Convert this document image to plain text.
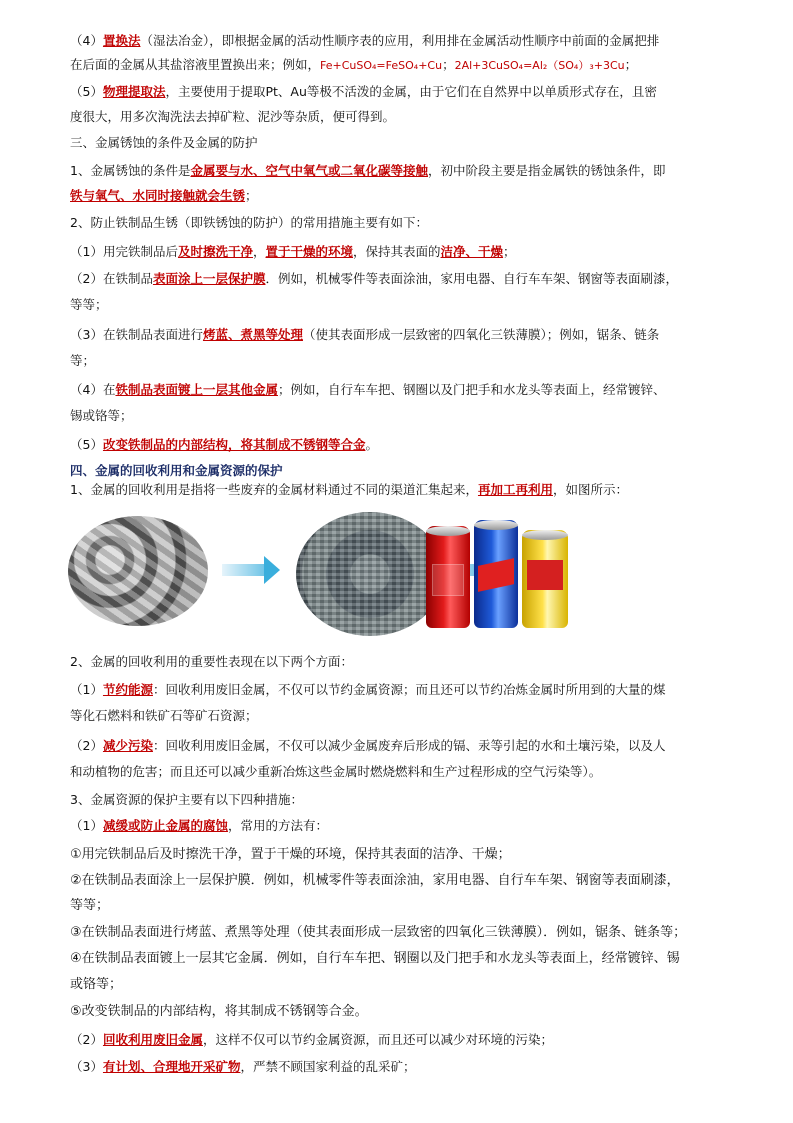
（4）置换法（湿法冶金），即根据金属的活动性顺序表的应用，利用排在金属活动性顺序中前面的金属把排
在后面的金属从其盐溶液里置换出来；例如，Fe+CuSO₄=FeSO₄+Cu；2Al+3CuSO₄=Al₂（SO₄）₃+3Cu；
（5）物理提取法，主要使用于提取Pt、Au等极不活泼的金属，由于它们在自然界中以单质形式存在，且密
度很大，用多次淘洗法去掉矿粒、泥沙等杂质，便可得到。
三、金属锈蚀的条件及金属的防护
1、金属锈蚀的条件是金属要与水、空气中氧气或二氧化碳等接触，初中阶段主要是指金属铁的锈蚀条件，即
铁与氧气、水同时接触就会生锈；
2、防止铁制品生锈（即铁锈蚀的防护）的常用措施主要有如下：
（1）用完铁制品后及时擦洗干净，置于干燥的环境，保持其表面的洁净、干燥；
（2）在铁制品表面涂上一层保护膜．例如，机械零件等表面涂油，家用电器、自行车车架、钢窗等表面刷漆，
等等；
（3）在铁制品表面进行烤蓝、煮黑等处理（使其表面形成一层致密的四氧化三铁薄膜）；例如，锯条、链条
等；
（4）在铁制品表面镀上一层其他金属；例如，自行车车把、钢圈以及门把手和水龙头等表面上，经常镀锌、
锡或铬等；
（5）改变铁制品的内部结构，将其制成不锈钢等合金。
四、金属的回收利用和金属资源的保护
1、金属的回收利用是指将一些废弃的金属材料通过不同的渠道汇集起来，再加工再利用，如图所示：
2、金属的回收利用的重要性表现在以下两个方面：
（1）节约能源：回收利用废旧金属，不仅可以节约金属资源；而且还可以节约冶炼金属时所用到的大量的煤
等化石燃料和铁矿石等矿石资源；
（2）减少污染：回收利用废旧金属，不仅可以减少金属废弃后形成的镉、汞等引起的水和土壤污染，以及人
和动植物的危害；而且还可以减少重新冶炼这些金属时燃烧燃料和生产过程形成的空气污染等）。
3、金属资源的保护主要有以下四种措施：
（1）减缓或防止金属的腐蚀，常用的方法有：
①用完铁制品后及时擦洗干净，置于干燥的环境，保持其表面的洁净、干燥；
②在铁制品表面涂上一层保护膜．例如，机械零件等表面涂油，家用电器、自行车车架、钢窗等表面刷漆，
等等；
③在铁制品表面进行烤蓝、煮黑等处理（使其表面形成一层致密的四氧化三铁薄膜）．例如，锯条、链条等；
④在铁制品表面镀上一层其它金属．例如，自行车车把、钢圈以及门把手和水龙头等表面上，经常镀锌、锡
或铬等；
⑤改变铁制品的内部结构，将其制成不锈钢等合金。
（2）回收利用废旧金属，这样不仅可以节约金属资源，而且还可以减少对环境的污染；
（3）有计划、合理地开采矿物，严禁不顾国家利益的乱采矿；
